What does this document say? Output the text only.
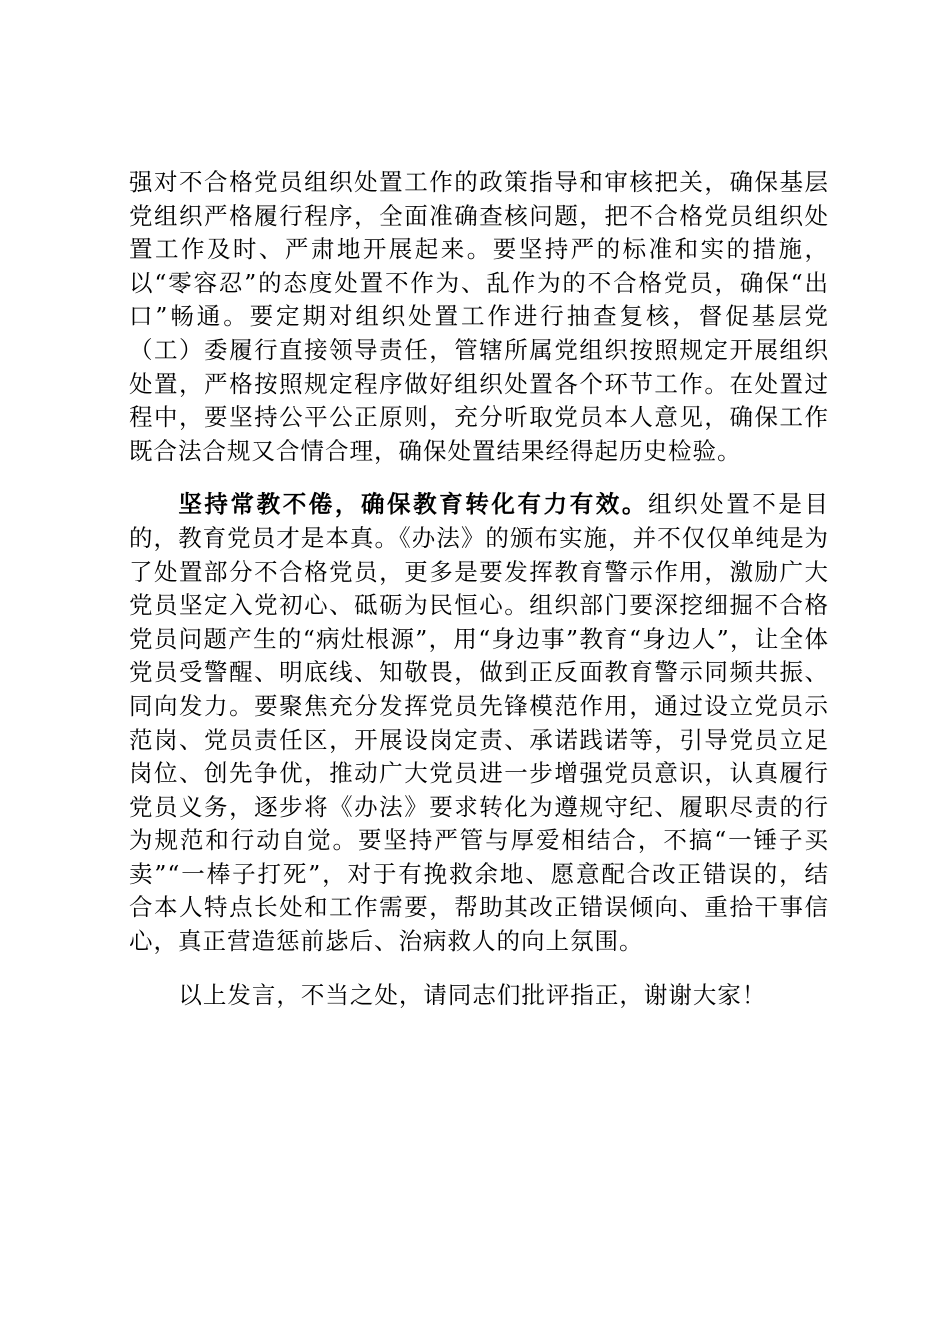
强对不合格党员组织处置工作的政策指导和审核把关，确保基层党组织严格履行程序，全面准确查核问题，把不合格党员组织处置工作及时、严肃地开展起来。要坚持严的标准和实的措施，以“零容忍”的态度处置不作为、乱作为的不合格党员，确保“出口”畅通。要定期对组织处置工作进行抽查复核，督促基层党（工）委履行直接领导责任，管辖所属党组织按照规定开展组织处置，严格按照规定程序做好组织处置各个环节工作。在处置过程中，要坚持公平公正原则，充分听取党员本人意见，确保工作既合法合规又合情合理，确保处置结果经得起历史检验。

坚持常教不倦，确保教育转化有力有效。组织处置不是目的，教育党员才是本真。《办法》的颁布实施，并不仅仅单纯是为了处置部分不合格党员，更多是要发挥教育警示作用，激励广大党员坚定入党初心、砥砺为民恒心。组织部门要深挖细掘不合格党员问题产生的“病灶根源”，用“身边事”教育“身边人”，让全体党员受警醒、明底线、知敬畏，做到正反面教育警示同频共振、同向发力。要聚焦充分发挥党员先锋模范作用，通过设立党员示范岗、党员责任区，开展设岗定责、承诺践诺等，引导党员立足岗位、创先争优，推动广大党员进一步增强党员意识，认真履行党员义务，逐步将《办法》要求转化为遵规守纪、履职尽责的行为规范和行动自觉。要坚持严管与厚爱相结合，不搞“一锤子买卖”“一棒子打死”，对于有挽救余地、愿意配合改正错误的，结合本人特点长处和工作需要，帮助其改正错误倾向、重拾干事信心，真正营造惩前毖后、治病救人的向上氛围。

以上发言，不当之处，请同志们批评指正，谢谢大家！
